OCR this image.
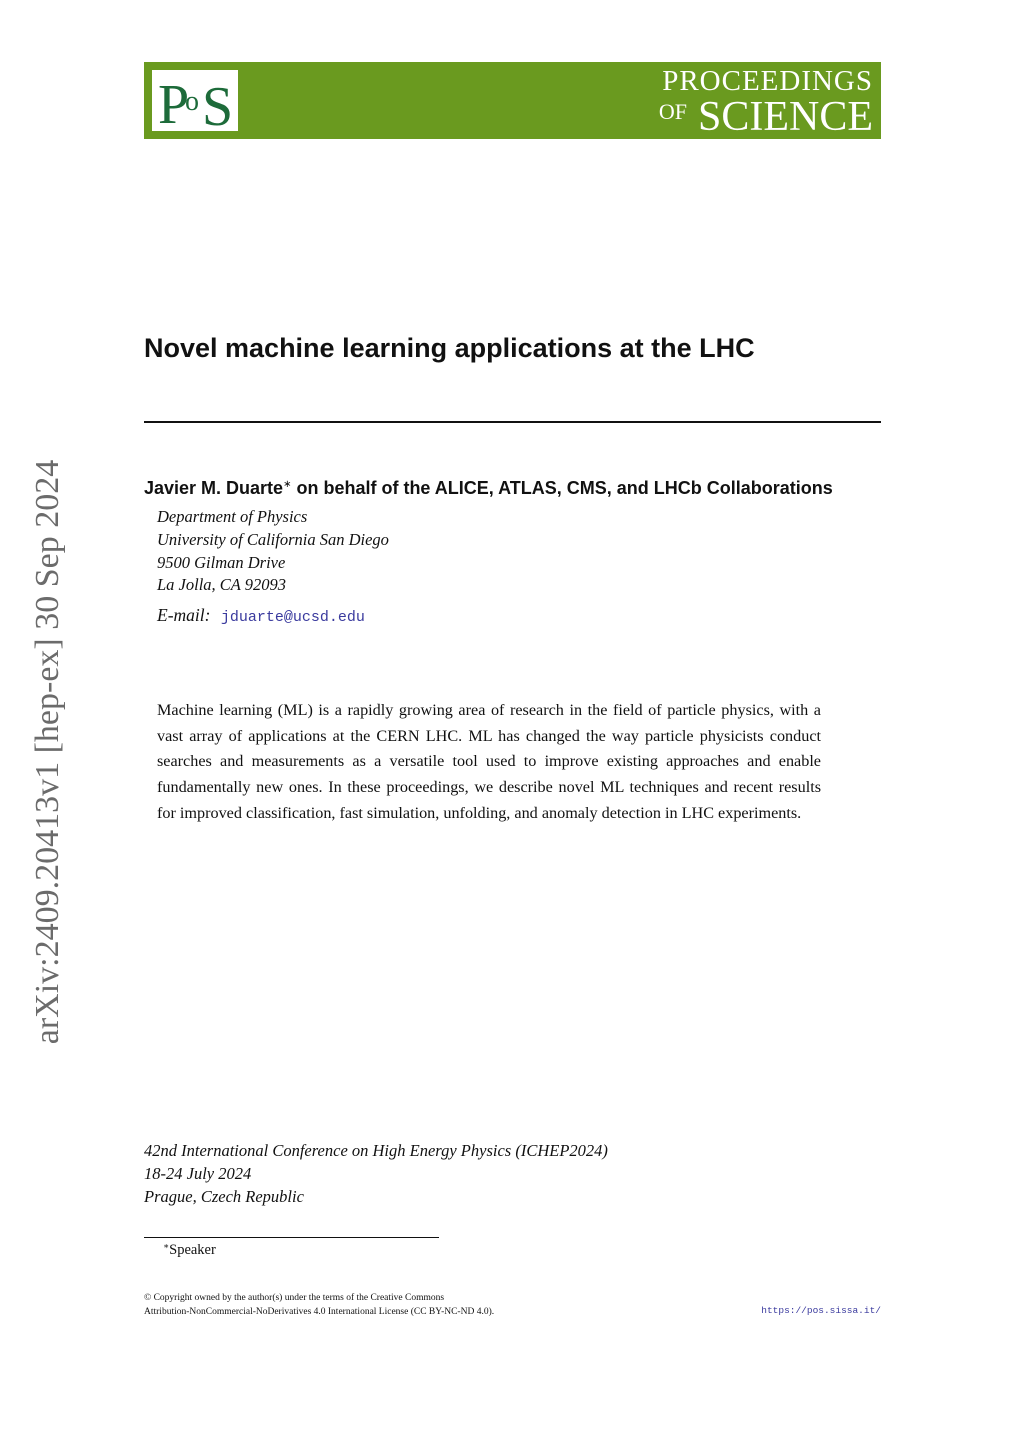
P
o S	PROCEEDINGS
OF SCIENCE
arXiv:2409.20413v1 [hep-ex] 30 Sep 2024
Novel machine learning applications at the LHC
Javier M. Duarte∗ on behalf of the ALICE, ATLAS, CMS, and LHCb Collaborations
Department of Physics
University of California San Diego
9500 Gilman Drive
La Jolla, CA 92093
E-mail: jduarte@ucsd.edu

Machine learning (ML) is a rapidly growing area of research in the field of particle physics, with a vast array of applications at the CERN LHC. ML has changed the way particle physicists conduct searches and measurements as a versatile tool used to improve existing approaches and enable fundamentally new ones. In these proceedings, we describe novel ML techniques and recent results for improved classification, fast simulation, unfolding, and anomaly detection in LHC experiments.

42nd International Conference on High Energy Physics (ICHEP2024)
18-24 July 2024
Prague, Czech Republic
∗Speaker
© Copyright owned by the author(s) under the terms of the Creative Commons
Attribution-NonCommercial-NoDerivatives 4.0 International License (CC BY-NC-ND 4.0).	https://pos.sissa.it/
